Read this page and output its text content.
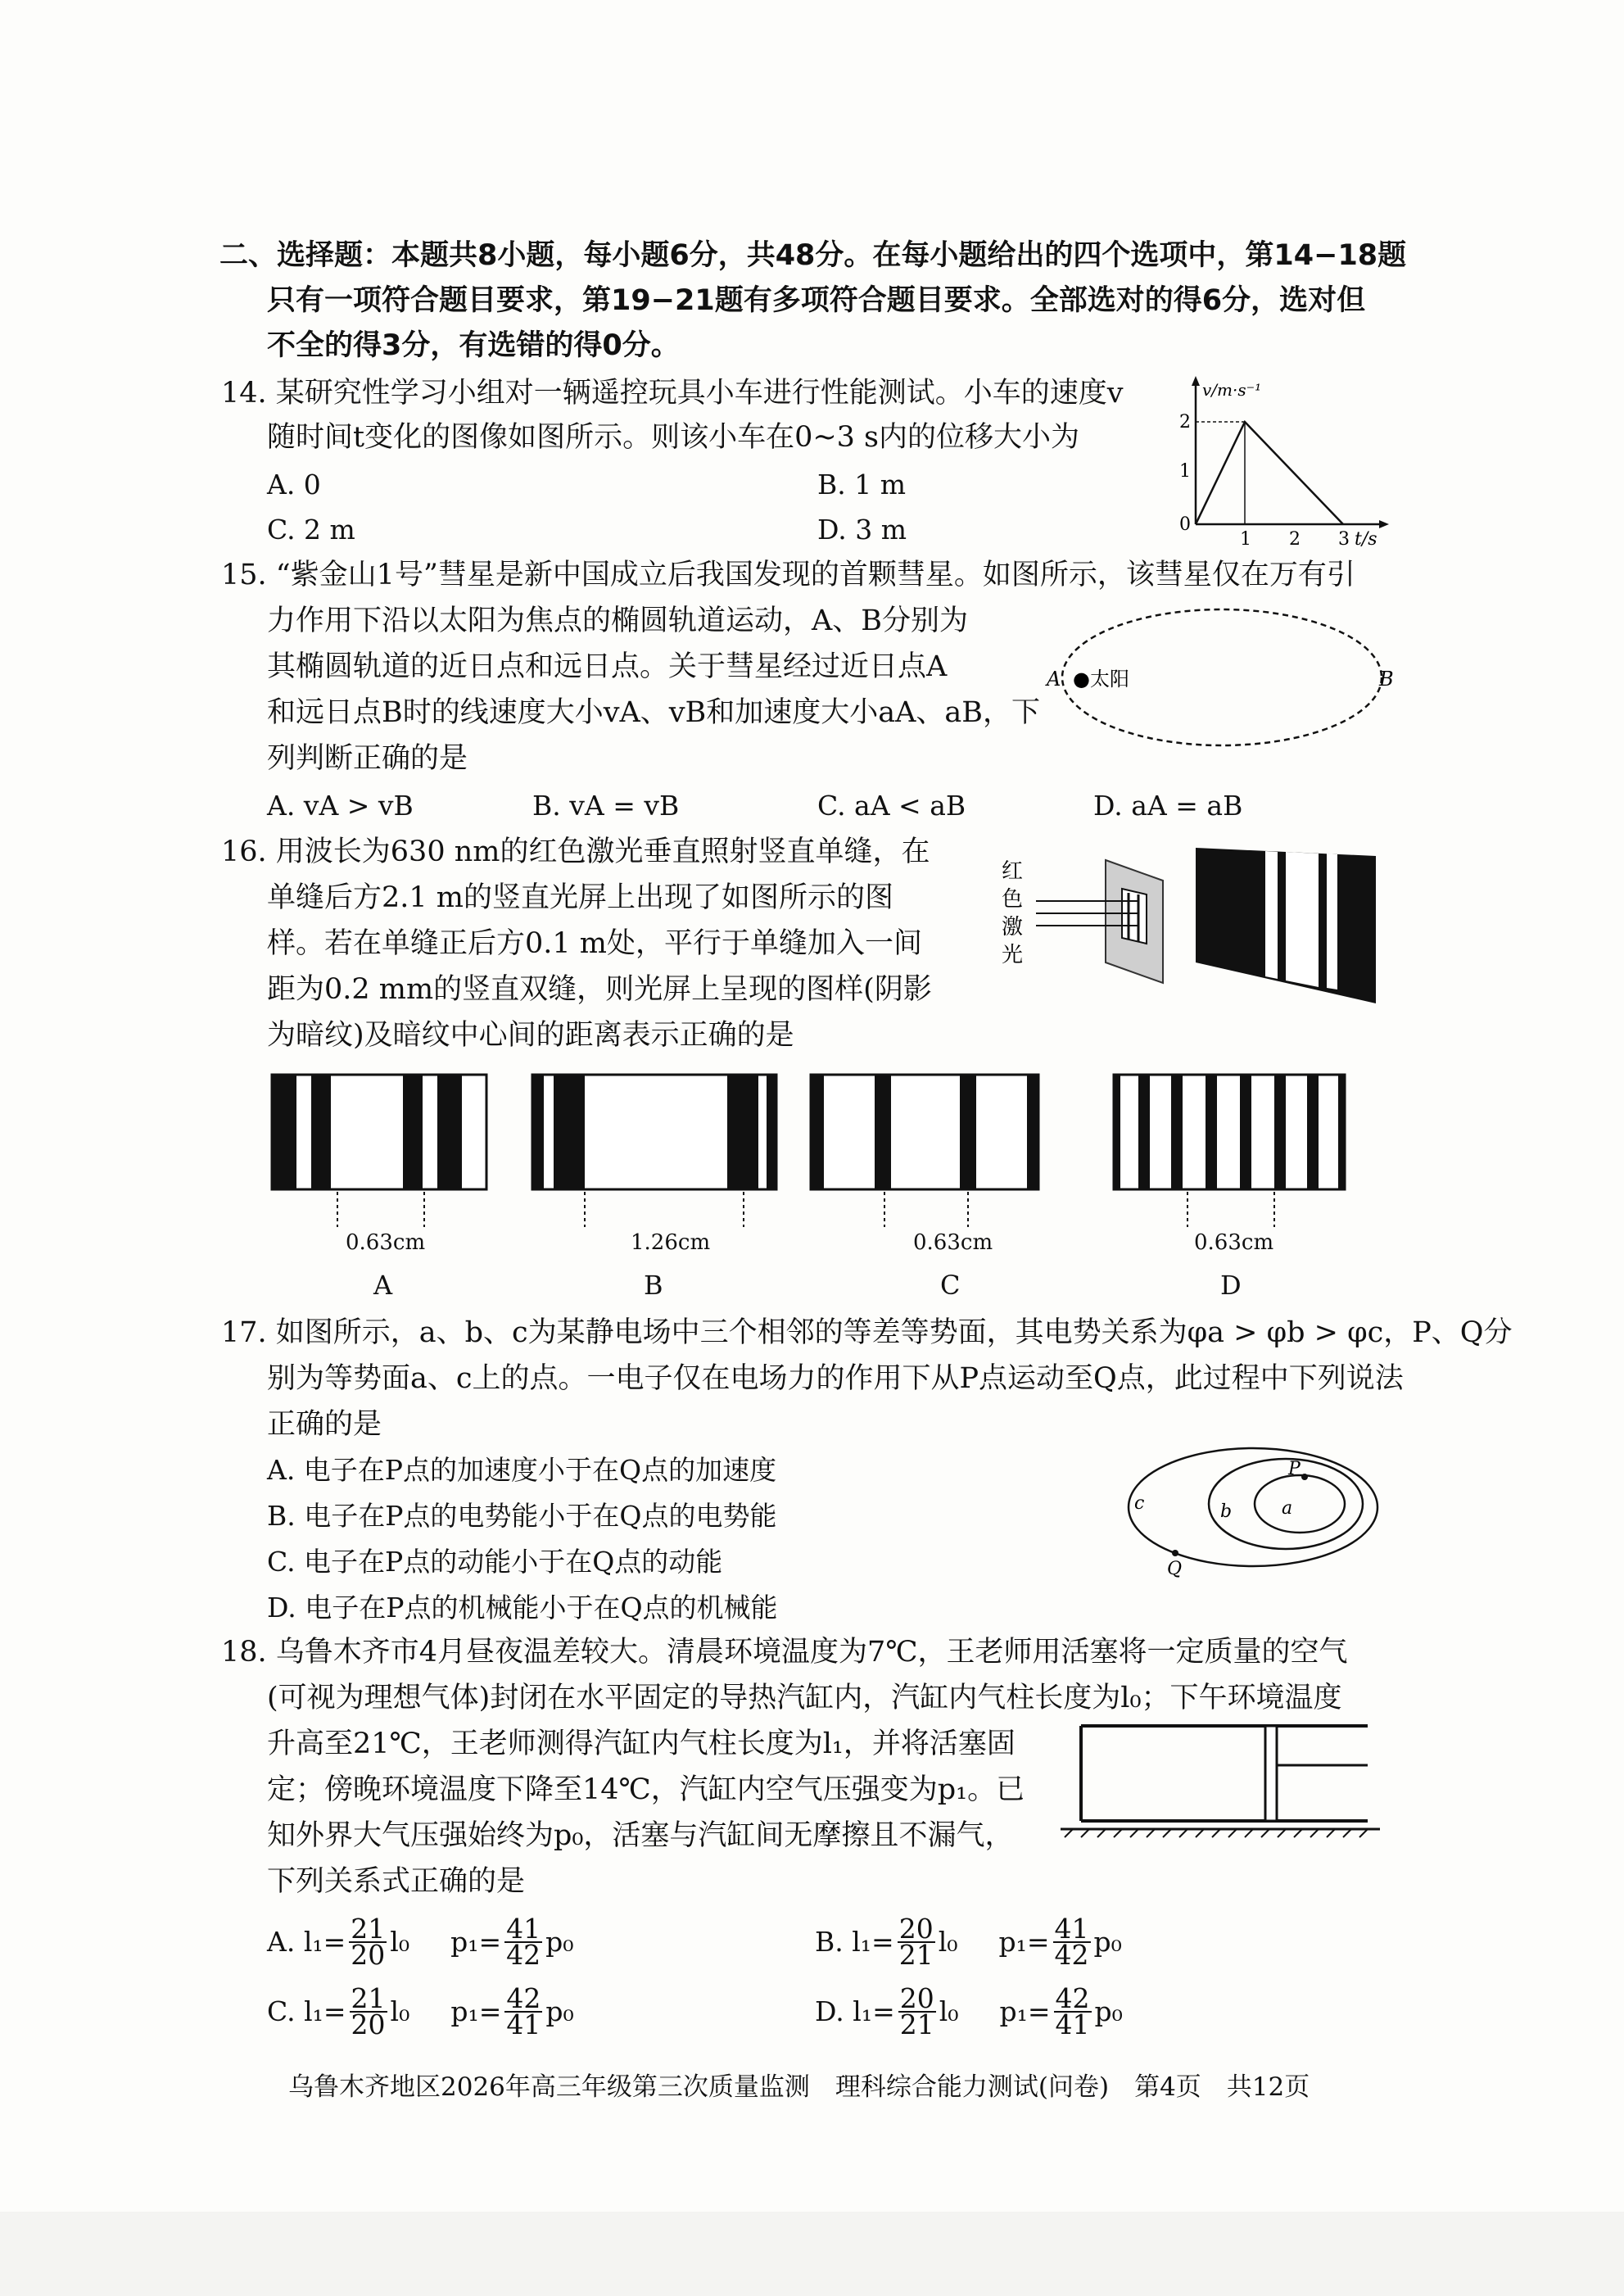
二、选择题：本题共8小题，每小题6分，共48分。在每小题给出的四个选项中，第14−18题
只有一项符合题目要求，第19−21题有多项符合题目要求。全部选对的得6分，选对但
不全的得3分，有选错的得0分。
14. 某研究性学习小组对一辆遥控玩具小车进行性能测试。小车的速度v
随时间t变化的图像如图所示。则该小车在0~3 s内的位移大小为
A. 0	B. 1 m
C. 2 m	D. 3 m
v/m·s⁻¹
2
1
0
1 2 3 t/s
15. “紫金山1号”彗星是新中国成立后我国发现的首颗彗星。如图所示，该彗星仅在万有引
力作用下沿以太阳为焦点的椭圆轨道运动，A、B分别为
其椭圆轨道的近日点和远日点。关于彗星经过近日点A
和远日点B时的线速度大小vA、vB和加速度大小aA、aB，下
列判断正确的是
A. vA > vB	B. vA = vB	C. aA < aB	D. aA = aB
A ●太阳	B
16. 用波长为630 nm的红色激光垂直照射竖直单缝，在
单缝后方2.1 m的竖直光屏上出现了如图所示的图
样。若在单缝正后方0.1 m处，平行于单缝加入一间
距为0.2 mm的竖直双缝，则光屏上呈现的图样(阴影
为暗纹)及暗纹中心间的距离表示正确的是
红
色
激
光
0.63cm	1.26cm	0.63cm	0.63cm
A	B	C	D
17. 如图所示，a、b、c为某静电场中三个相邻的等差等势面，其电势关系为φa > φb > φc，P、Q分
别为等势面a、c上的点。一电子仅在电场力的作用下从P点运动至Q点，此过程中下列说法
正确的是
A. 电子在P点的加速度小于在Q点的加速度
B. 电子在P点的电势能小于在Q点的电势能
C. 电子在P点的动能小于在Q点的动能
D. 电子在P点的机械能小于在Q点的机械能
c	b	a
P
Q
18. 乌鲁木齐市4月昼夜温差较大。清晨环境温度为7℃，王老师用活塞将一定质量的空气
(可视为理想气体)封闭在水平固定的导热汽缸内，汽缸内气柱长度为l₀；下午环境温度
升高至21℃，王老师测得汽缸内气柱长度为l₁，并将活塞固
定；傍晚环境温度下降至14℃，汽缸内空气压强变为p₁。已
知外界大气压强始终为p₀，活塞与汽缸间无摩擦且不漏气，
下列关系式正确的是
A.
$l_1 = \frac{21}{20} l_0$ $p_1 = \frac{41}{42} p_0$	B.
$l_1 = \frac{20}{21} l_0$ $p_1 = \frac{41}{42} p_0$
C.
$l_1 = \frac{21}{20} l_0$ $p_1 = \frac{42}{41} p_0$	D.
$l_1 = \frac{20}{21} l_0$ $p_1 = \frac{42}{41} p_0$
乌鲁木齐地区2026年高三年级第三次质量监测　理科综合能力测试(问卷)　第4页　共12页
